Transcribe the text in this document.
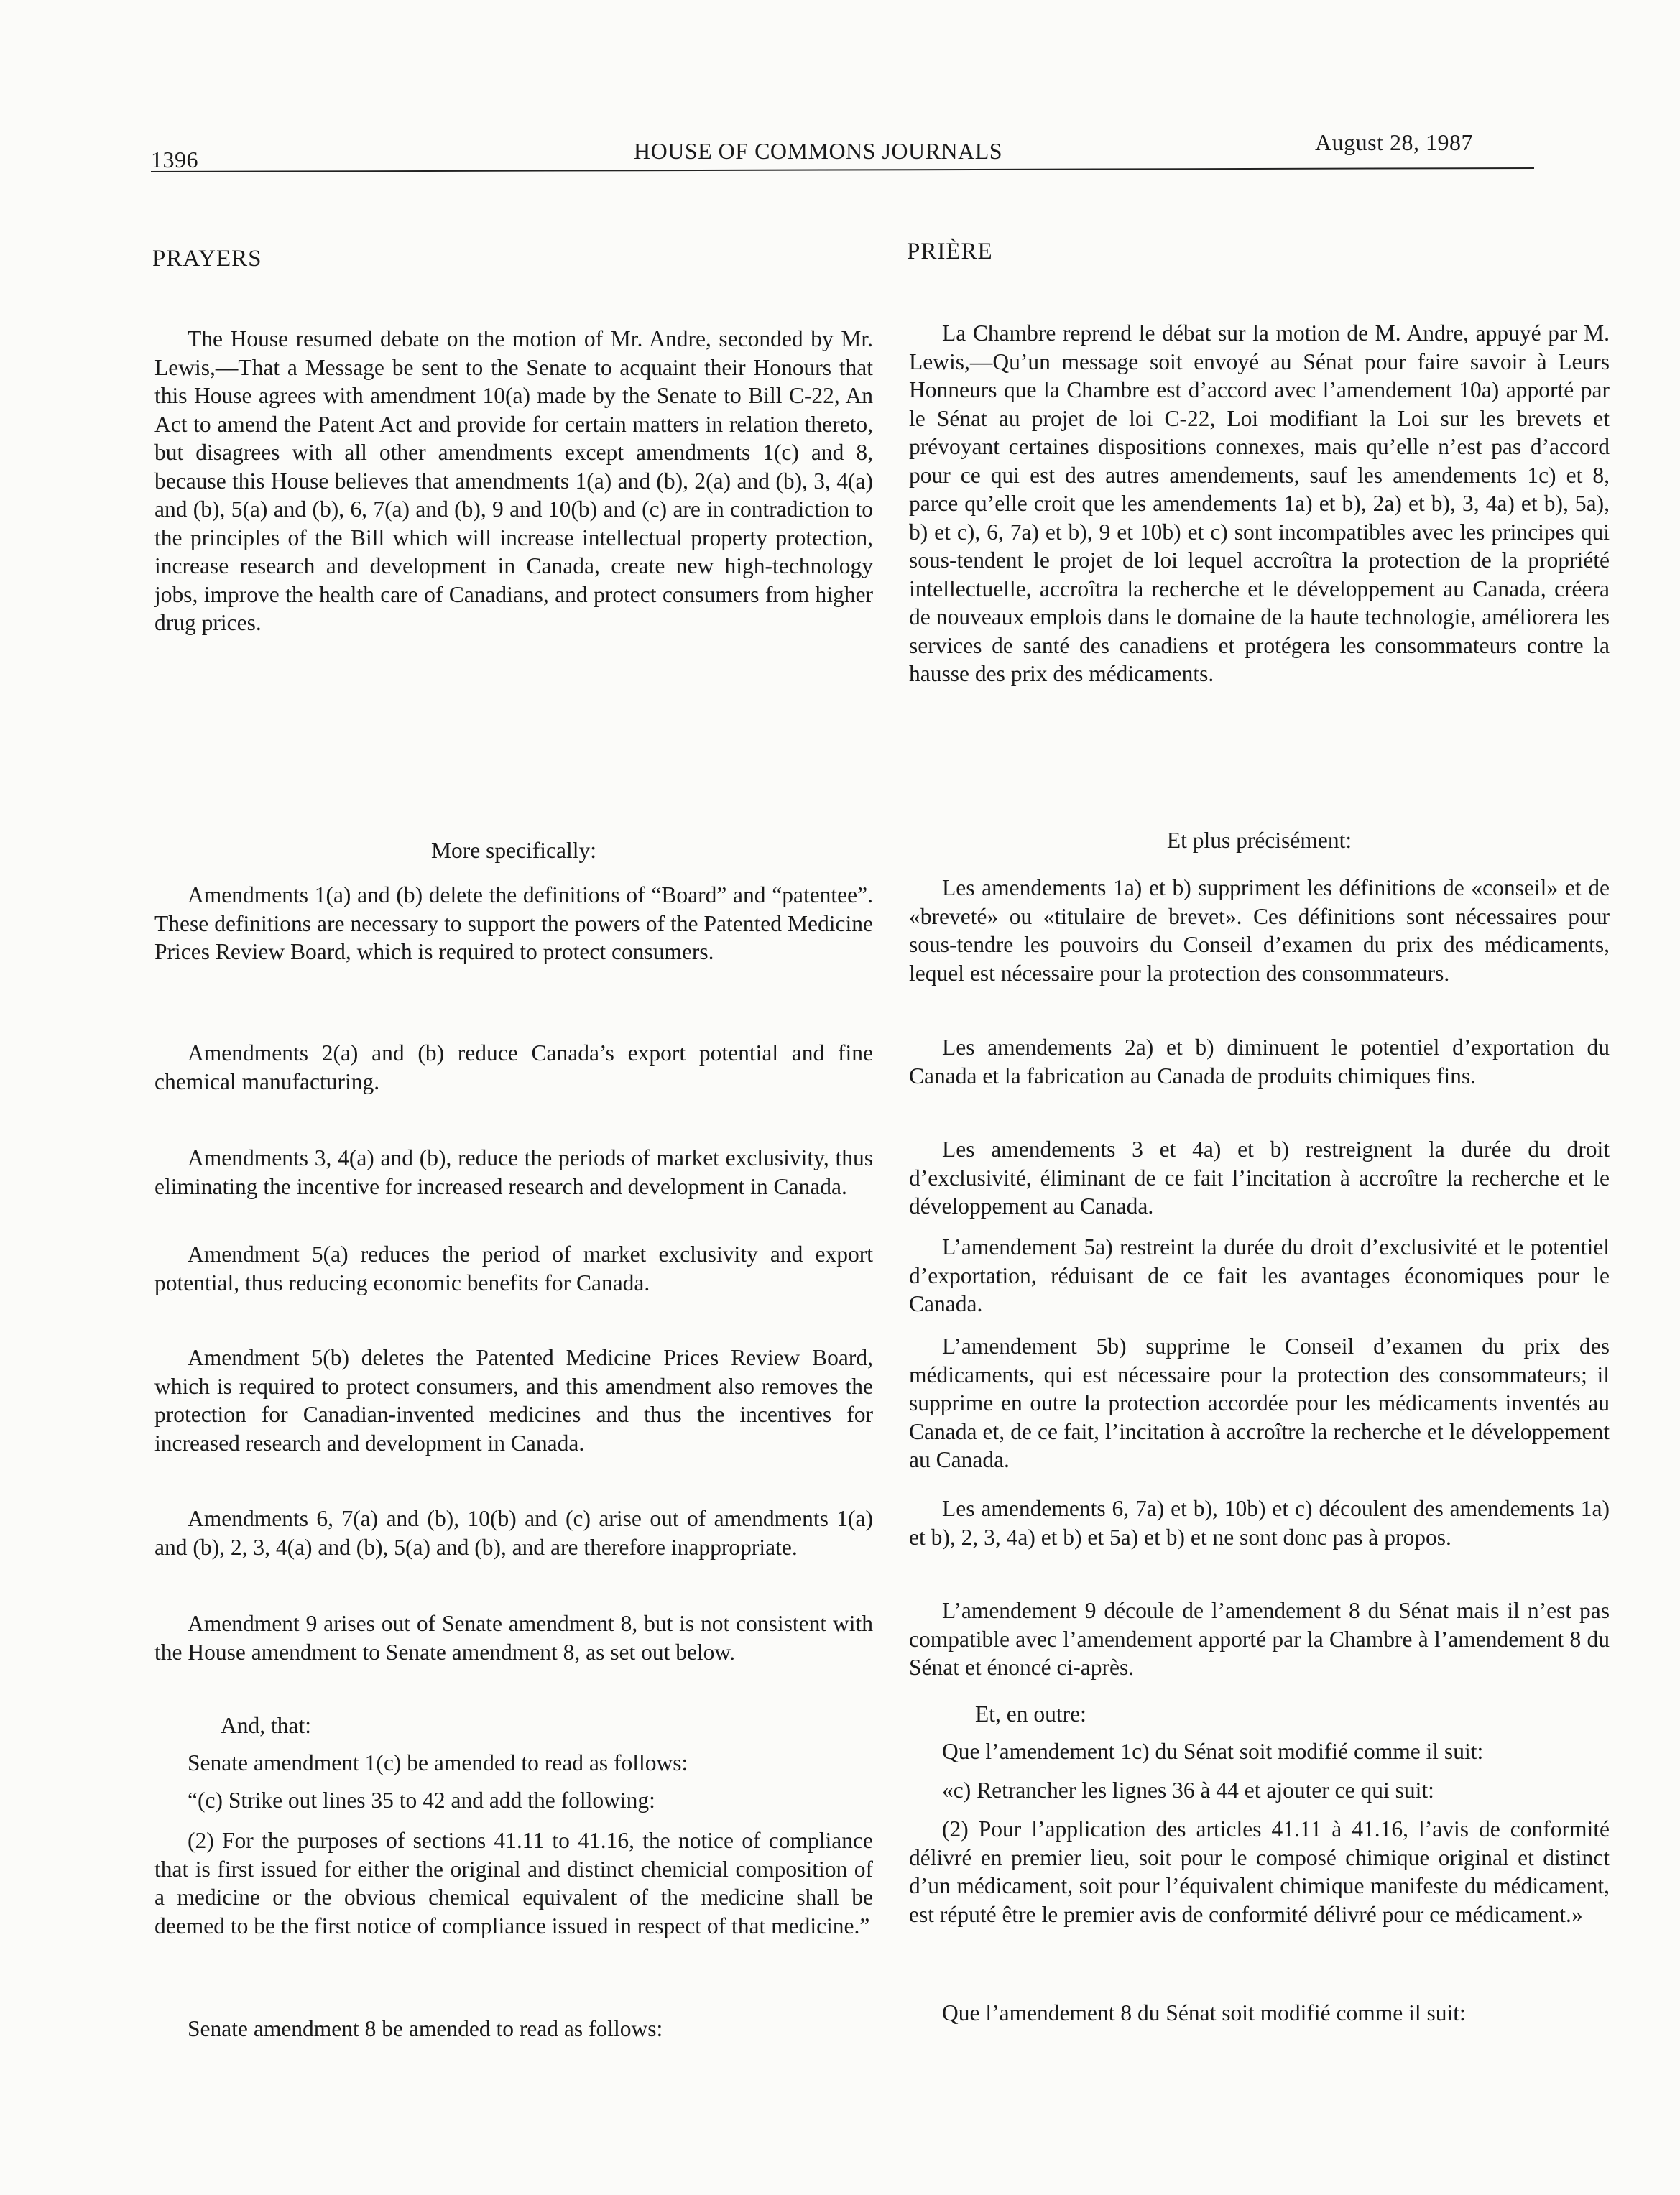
1396	HOUSE OF COMMONS JOURNALS	August 28, 1987
PRAYERS

The House resumed debate on the motion of Mr. Andre, seconded by Mr. Lewis,—That a Message be sent to the Senate to acquaint their Honours that this House agrees with amendment 10(a) made by the Senate to Bill C-22, An Act to amend the Patent Act and provide for certain matters in relation thereto, but disagrees with all other amendments except amendments 1(c) and 8, because this House believes that amendments 1(a) and (b), 2(a) and (b), 3, 4(a) and (b), 5(a) and (b), 6, 7(a) and (b), 9 and 10(b) and (c) are in contradiction to the principles of the Bill which will increase intellectual property protection, increase research and development in Canada, create new high-technology jobs, improve the health care of Canadians, and protect consumers from higher drug prices.

More specifically:

Amendments 1(a) and (b) delete the definitions of “Board” and “patentee”. These definitions are necessary to support the powers of the Patented Medicine Prices Review Board, which is required to protect consumers.

Amendments 2(a) and (b) reduce Canada’s export potential and fine chemical manufacturing.

Amendments 3, 4(a) and (b), reduce the periods of market exclusivity, thus eliminating the incentive for increased research and development in Canada.

Amendment 5(a) reduces the period of market exclusivity and export potential, thus reducing economic benefits for Canada.

Amendment 5(b) deletes the Patented Medicine Prices Review Board, which is required to protect consumers, and this amendment also removes the protection for Canadian-invented medicines and thus the incentives for increased research and development in Canada.

Amendments 6, 7(a) and (b), 10(b) and (c) arise out of amendments 1(a) and (b), 2, 3, 4(a) and (b), 5(a) and (b), and are therefore inappropriate.

Amendment 9 arises out of Senate amendment 8, but is not consistent with the House amendment to Senate amendment 8, as set out below.

And, that:

Senate amendment 1(c) be amended to read as follows:

“(c) Strike out lines 35 to 42 and add the following:

(2) For the purposes of sections 41.11 to 41.16, the notice of compliance that is first issued for either the original and distinct chemicial composition of a medicine or the obvious chemical equivalent of the medicine shall be deemed to be the first notice of compliance issued in respect of that medicine.”

Senate amendment 8 be amended to read as follows:

PRIÈRE

La Chambre reprend le débat sur la motion de M. Andre, appuyé par M. Lewis,—Qu’un message soit envoyé au Sénat pour faire savoir à Leurs Honneurs que la Chambre est d’accord avec l’amendement 10a) apporté par le Sénat au projet de loi C-22, Loi modifiant la Loi sur les brevets et prévoyant certaines dispositions connexes, mais qu’elle n’est pas d’accord pour ce qui est des autres amendements, sauf les amendements 1c) et 8, parce qu’elle croit que les amendements 1a) et b), 2a) et b), 3, 4a) et b), 5a), b) et c), 6, 7a) et b), 9 et 10b) et c) sont incompatibles avec les principes qui sous-tendent le projet de loi lequel accroîtra la protection de la propriété intellectuelle, accroîtra la recherche et le développement au Canada, créera de nouveaux emplois dans le domaine de la haute technologie, améliorera les services de santé des canadiens et protégera les consommateurs contre la hausse des prix des médicaments.

Et plus précisément:

Les amendements 1a) et b) suppriment les définitions de «conseil» et de «breveté» ou «titulaire de brevet». Ces définitions sont nécessaires pour sous-tendre les pouvoirs du Conseil d’examen du prix des médicaments, lequel est nécessaire pour la protection des consommateurs.

Les amendements 2a) et b) diminuent le potentiel d’exportation du Canada et la fabrication au Canada de produits chimiques fins.

Les amendements 3 et 4a) et b) restreignent la durée du droit d’exclusivité, éliminant de ce fait l’incitation à accroître la recherche et le développement au Canada.

L’amendement 5a) restreint la durée du droit d’exclusivité et le potentiel d’exportation, réduisant de ce fait les avantages économiques pour le Canada.

L’amendement 5b) supprime le Conseil d’examen du prix des médicaments, qui est nécessaire pour la protection des consommateurs; il supprime en outre la protection accordée pour les médicaments inventés au Canada et, de ce fait, l’incitation à accroître la recherche et le développement au Canada.

Les amendements 6, 7a) et b), 10b) et c) découlent des amendements 1a) et b), 2, 3, 4a) et b) et 5a) et b) et ne sont donc pas à propos.

L’amendement 9 découle de l’amendement 8 du Sénat mais il n’est pas compatible avec l’amendement apporté par la Chambre à l’amendement 8 du Sénat et énoncé ci-après.

Et, en outre:

Que l’amendement 1c) du Sénat soit modifié comme il suit:

«c) Retrancher les lignes 36 à 44 et ajouter ce qui suit:

(2) Pour l’application des articles 41.11 à 41.16, l’avis de conformité délivré en premier lieu, soit pour le composé chimique original et distinct d’un médicament, soit pour l’équivalent chimique manifeste du médicament, est réputé être le premier avis de conformité délivré pour ce médicament.»

Que l’amendement 8 du Sénat soit modifié comme il suit:
